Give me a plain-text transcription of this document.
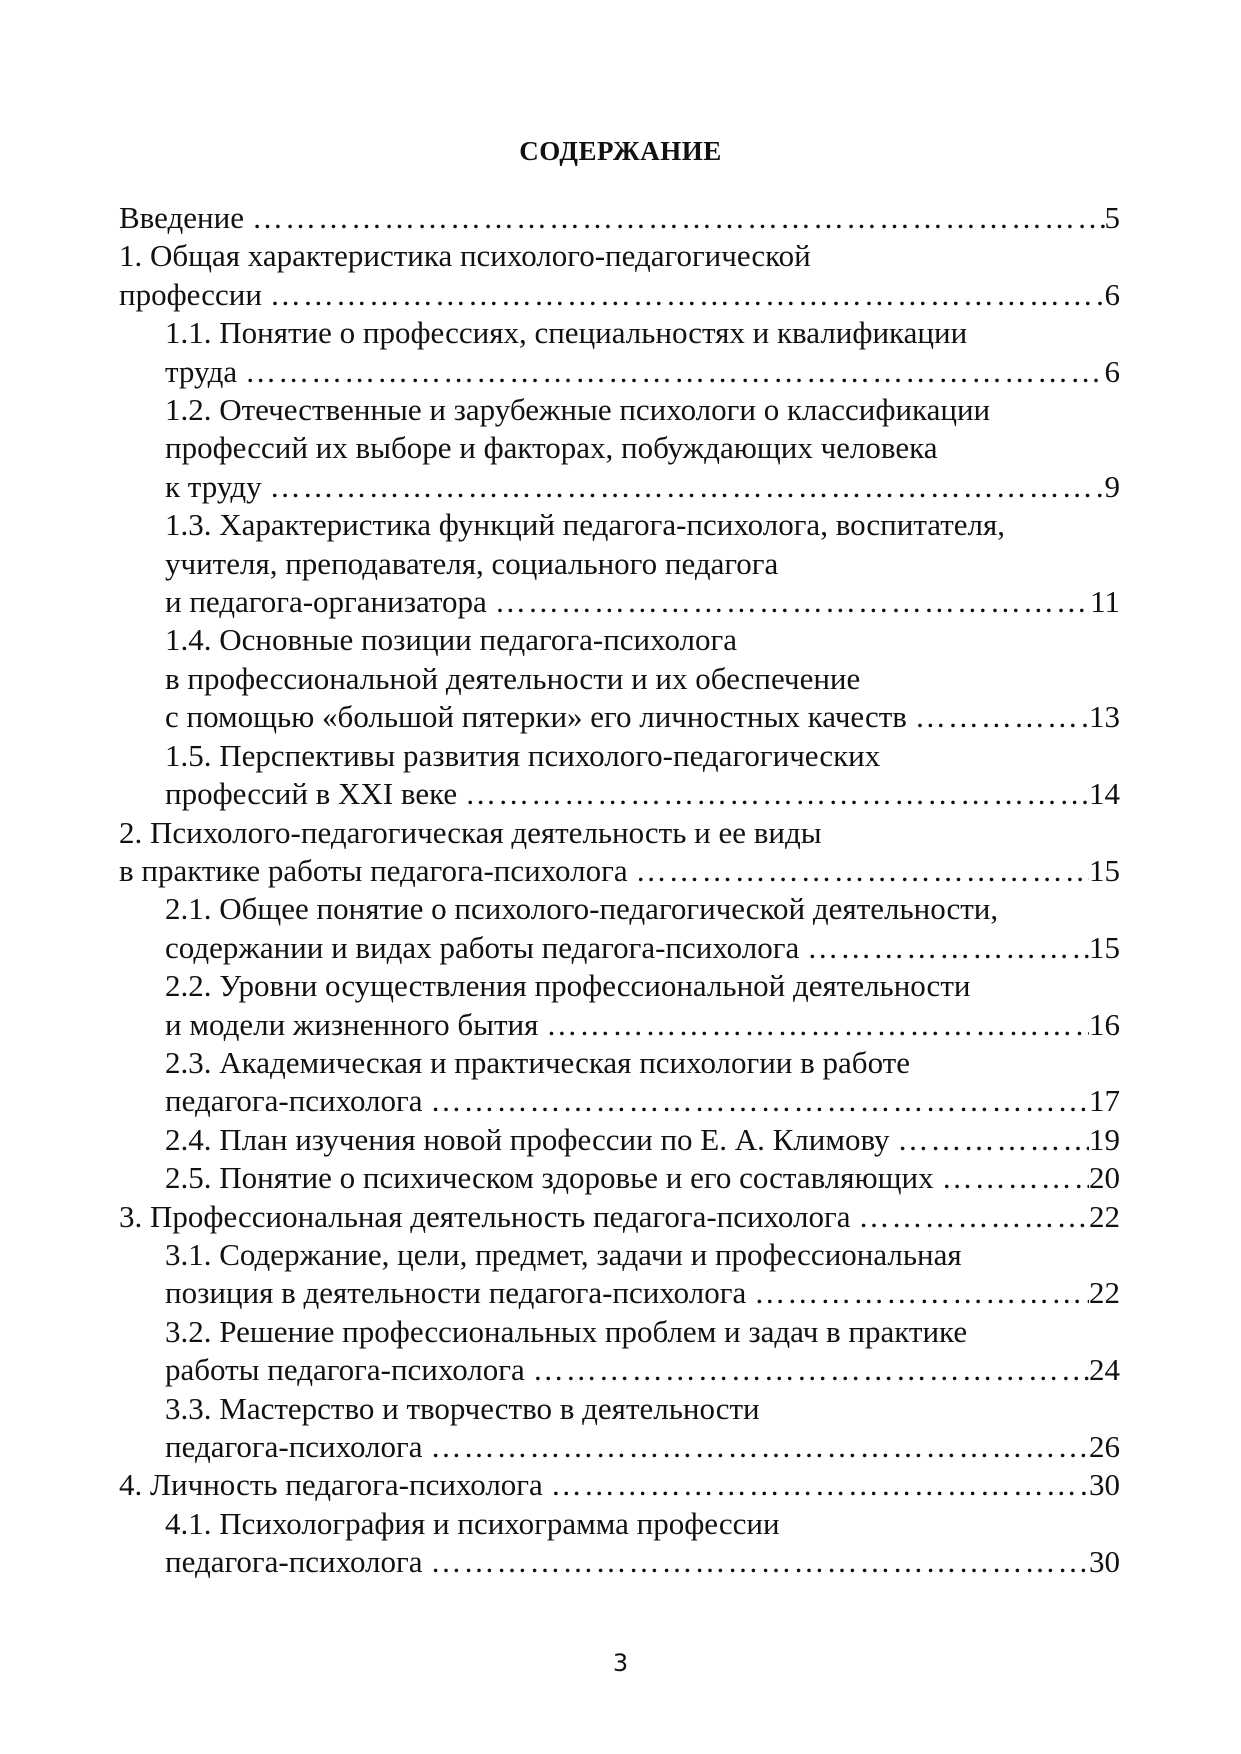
СОДЕРЖАНИЕ
Введение …………………………………………………………………………………………………………………………………………………………………………………………	5
1. Общая характеристика психолого-педагогической
профессии …………………………………………………………………………………………………………………………………………………………………………………………	6
1.1. Понятие о профессиях, специальностях и квалификации
труда …………………………………………………………………………………………………………………………………………………………………………………………	6
1.2. Отечественные и зарубежные психологи о классификации
профессий их выборе и факторах, побуждающих человека
к труду …………………………………………………………………………………………………………………………………………………………………………………………	9
1.3. Характеристика функций педагога-психолога, воспитателя,
учителя, преподавателя, социального педагога
и педагога-организатора …………………………………………………………………………………………………………………………………………………………………………………………	11
1.4. Основные позиции педагога-психолога
в профессиональной деятельности и их обеспечение
с помощью «большой пятерки» его личностных качеств …………………………………………………………………………………………………………………………………………………………………………………………	13
1.5. Перспективы развития психолого-педагогических
профессий в XXI веке …………………………………………………………………………………………………………………………………………………………………………………………	14
2. Психолого-педагогическая деятельность и ее виды
в практике работы педагога-психолога …………………………………………………………………………………………………………………………………………………………………………………………	15
2.1. Общее понятие о психолого-педагогической деятельности,
содержании и видах работы педагога-психолога …………………………………………………………………………………………………………………………………………………………………………………………	15
2.2. Уровни осуществления профессиональной деятельности
и модели жизненного бытия …………………………………………………………………………………………………………………………………………………………………………………………	16
2.3. Академическая и практическая психологии в работе
педагога-психолога …………………………………………………………………………………………………………………………………………………………………………………………	17
2.4. План изучения новой профессии по Е. А. Климову …………………………………………………………………………………………………………………………………………………………………………………………	19
2.5. Понятие о психическом здоровье и его составляющих …………………………………………………………………………………………………………………………………………………………………………………………	20
3. Профессиональная деятельность педагога-психолога …………………………………………………………………………………………………………………………………………………………………………………………	22
3.1. Содержание, цели, предмет, задачи и профессиональная
позиция в деятельности педагога-психолога …………………………………………………………………………………………………………………………………………………………………………………………	22
3.2. Решение профессиональных проблем и задач в практике
работы педагога-психолога …………………………………………………………………………………………………………………………………………………………………………………………	24
3.3. Мастерство и творчество в деятельности
педагога-психолога …………………………………………………………………………………………………………………………………………………………………………………………	26
4. Личность педагога-психолога …………………………………………………………………………………………………………………………………………………………………………………………	30
4.1. Психолография и психограмма профессии
педагога-психолога …………………………………………………………………………………………………………………………………………………………………………………………	30
3
